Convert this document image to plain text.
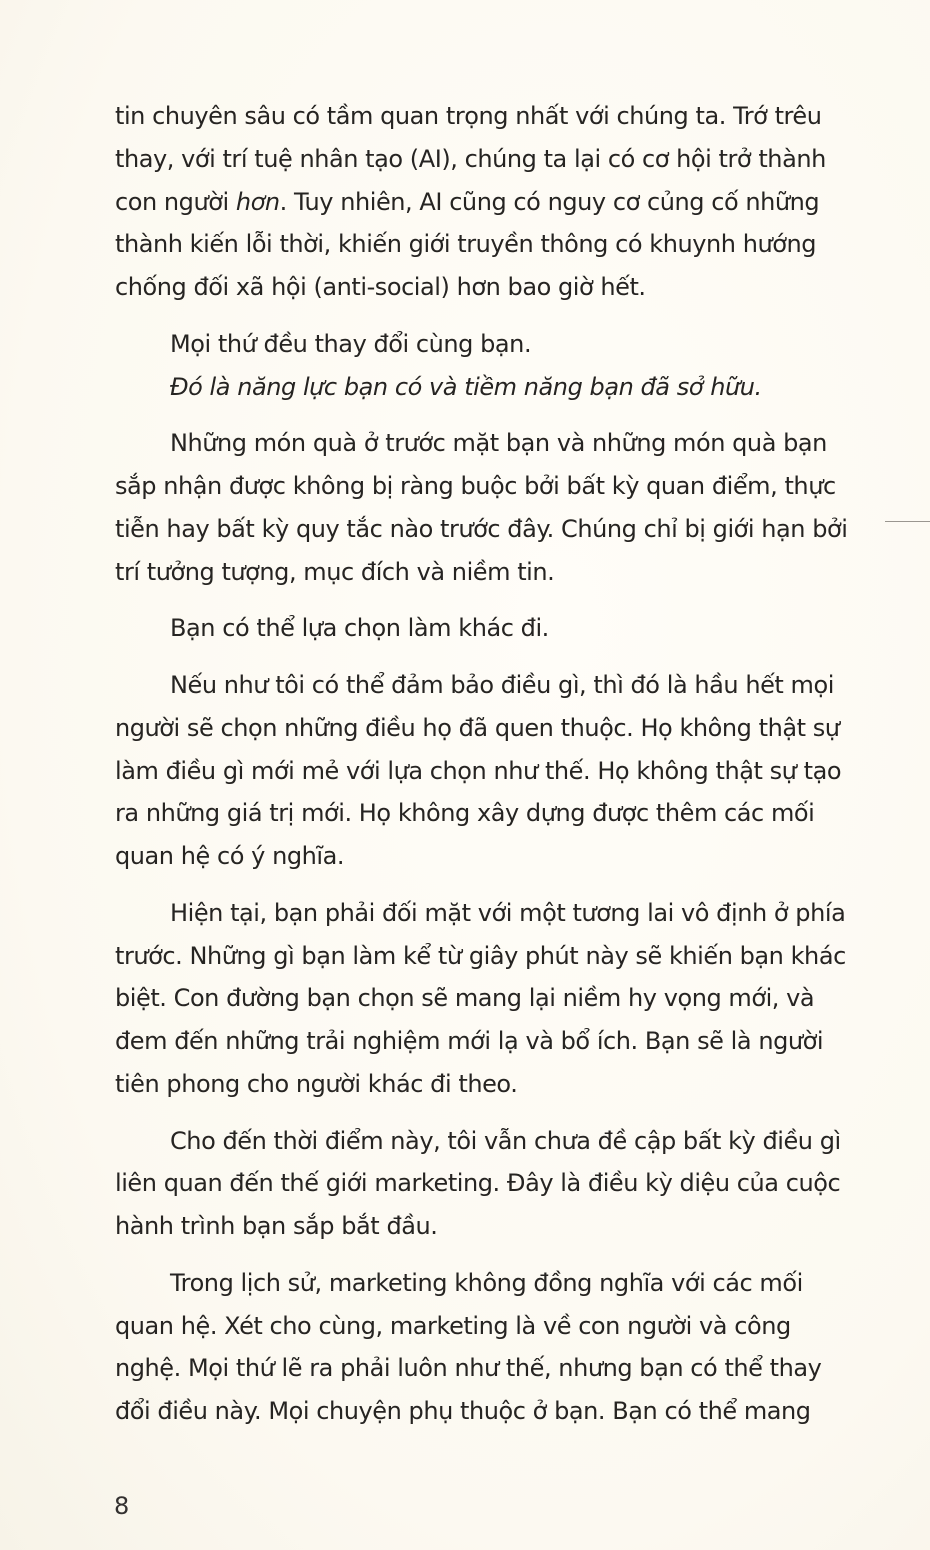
tin chuyên sâu có tầm quan trọng nhất với chúng ta. Trớ trêu
thay, với trí tuệ nhân tạo (AI), chúng ta lại có cơ hội trở thành
con người hơn. Tuy nhiên, AI cũng có nguy cơ củng cố những
thành kiến lỗi thời, khiến giới truyền thông có khuynh hướng
chống đối xã hội (anti-social) hơn bao giờ hết.

Mọi thứ đều thay đổi cùng bạn.

Đó là năng lực bạn có và tiềm năng bạn đã sở hữu.

Những món quà ở trước mặt bạn và những món quà bạn
sắp nhận được không bị ràng buộc bởi bất kỳ quan điểm, thực
tiễn hay bất kỳ quy tắc nào trước đây. Chúng chỉ bị giới hạn bởi
trí tưởng tượng, mục đích và niềm tin.

Bạn có thể lựa chọn làm khác đi.

Nếu như tôi có thể đảm bảo điều gì, thì đó là hầu hết mọi
người sẽ chọn những điều họ đã quen thuộc. Họ không thật sự
làm điều gì mới mẻ với lựa chọn như thế. Họ không thật sự tạo
ra những giá trị mới. Họ không xây dựng được thêm các mối
quan hệ có ý nghĩa.

Hiện tại, bạn phải đối mặt với một tương lai vô định ở phía
trước. Những gì bạn làm kể từ giây phút này sẽ khiến bạn khác
biệt. Con đường bạn chọn sẽ mang lại niềm hy vọng mới, và
đem đến những trải nghiệm mới lạ và bổ ích. Bạn sẽ là người
tiên phong cho người khác đi theo.

Cho đến thời điểm này, tôi vẫn chưa đề cập bất kỳ điều gì
liên quan đến thế giới marketing. Đây là điều kỳ diệu của cuộc
hành trình bạn sắp bắt đầu.

Trong lịch sử, marketing không đồng nghĩa với các mối
quan hệ. Xét cho cùng, marketing là về con người và công
nghệ. Mọi thứ lẽ ra phải luôn như thế, nhưng bạn có thể thay
đổi điều này. Mọi chuyện phụ thuộc ở bạn. Bạn có thể mang

8
